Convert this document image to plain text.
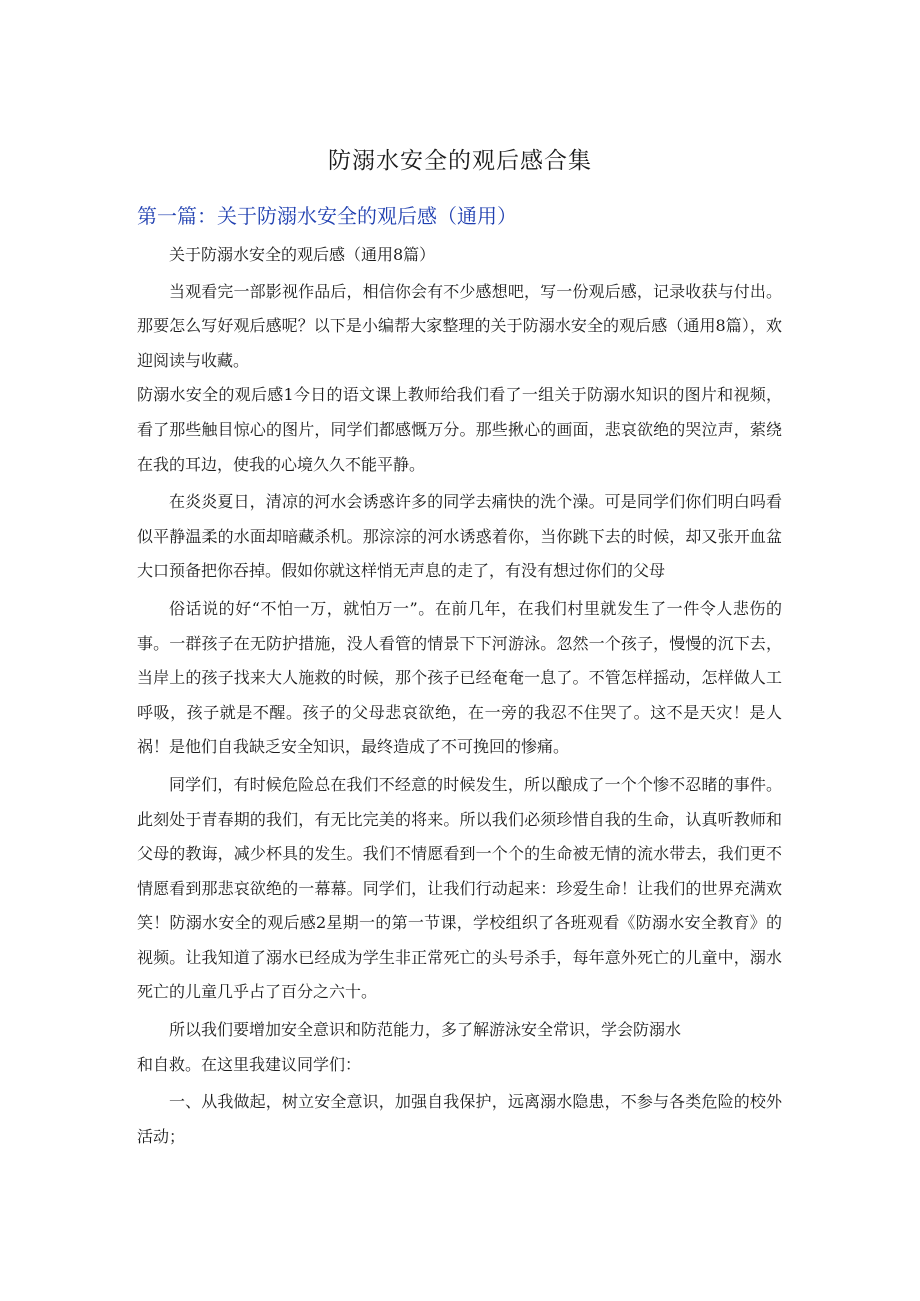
防溺水安全的观后感合集
第一篇：关于防溺水安全的观后感（通用）

关于防溺水安全的观后感（通用8篇）

当观看完一部影视作品后，相信你会有不少感想吧，写一份观后感，记录收获与付出。那要怎么写好观后感呢？以下是小编帮大家整理的关于防溺水安全的观后感（通用8篇），欢迎阅读与收藏。

防溺水安全的观后感1今日的语文课上教师给我们看了一组关于防溺水知识的图片和视频，看了那些触目惊心的图片，同学们都感慨万分。那些揪心的画面，悲哀欲绝的哭泣声，萦绕在我的耳边，使我的心境久久不能平静。

在炎炎夏日，清凉的河水会诱惑许多的同学去痛快的洗个澡。可是同学们你们明白吗看似平静温柔的水面却暗藏杀机。那淙淙的河水诱惑着你，当你跳下去的时候，却又张开血盆大口预备把你吞掉。假如你就这样悄无声息的走了，有没有想过你们的父母

俗话说的好“不怕一万，就怕万一”。在前几年，在我们村里就发生了一件令人悲伤的事。一群孩子在无防护措施，没人看管的情景下下河游泳。忽然一个孩子，慢慢的沉下去，当岸上的孩子找来大人施救的时候，那个孩子已经奄奄一息了。不管怎样摇动，怎样做人工呼吸，孩子就是不醒。孩子的父母悲哀欲绝，在一旁的我忍不住哭了。这不是天灾！是人祸！是他们自我缺乏安全知识，最终造成了不可挽回的惨痛。

同学们，有时候危险总在我们不经意的时候发生，所以酿成了一个个惨不忍睹的事件。此刻处于青春期的我们，有无比完美的将来。所以我们必须珍惜自我的生命，认真听教师和父母的教诲，减少杯具的发生。我们不情愿看到一个个的生命被无情的流水带去，我们更不情愿看到那悲哀欲绝的一幕幕。同学们，让我们行动起来：珍爱生命！让我们的世界充满欢笑！防溺水安全的观后感2星期一的第一节课，学校组织了各班观看《防溺水安全教育》的视频。让我知道了溺水已经成为学生非正常死亡的头号杀手，每年意外死亡的儿童中，溺水死亡的儿童几乎占了百分之六十。

所以我们要增加安全意识和防范能力，多了解游泳安全常识，学会防溺水

和自救。在这里我建议同学们：

一、从我做起，树立安全意识，加强自我保护，远离溺水隐患，不参与各类危险的校外活动；
